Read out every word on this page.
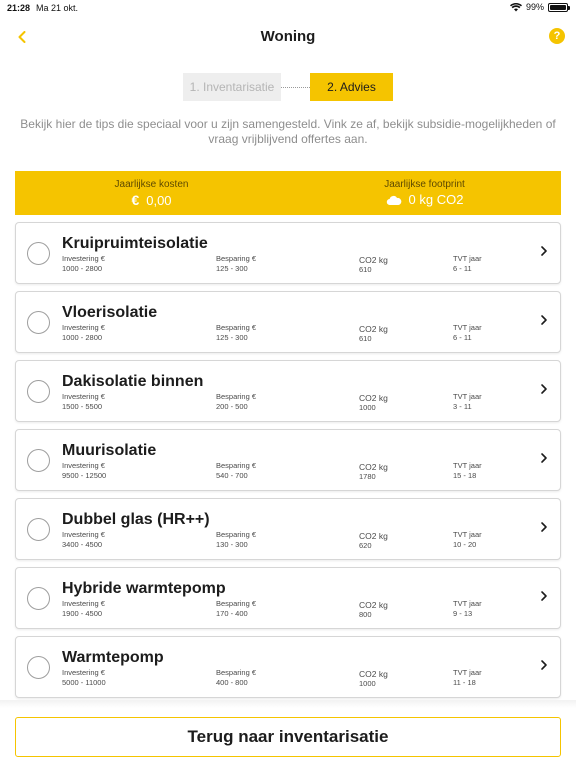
21:28 Ma 21 okt.	99%
Woning	?
1. Inventarisatie	2. Advies

Bekijk hier de tips die speciaal voor u zijn samengesteld. Vink ze af, bekijk subsidie-mogelijkheden of vraag vrijblijvend offertes aan.

Jaarlijkse kosten
€ 0,00
Jaarlijkse footprint
0 kg CO2
Kruipruimteisolatie
Investering €
1000 - 2800
Besparing €
125 - 300
CO2 kg
610
TVT jaar
6 - 11
Vloerisolatie
Investering €
1000 - 2800
Besparing €
125 - 300
CO2 kg
610
TVT jaar
6 - 11
Dakisolatie binnen
Investering €
1500 - 5500
Besparing €
200 - 500
CO2 kg
1000
TVT jaar
3 - 11
Muurisolatie
Investering €
9500 - 12500
Besparing €
540 - 700
CO2 kg
1780
TVT jaar
15 - 18
Dubbel glas (HR++)
Investering €
3400 - 4500
Besparing €
130 - 300
CO2 kg
620
TVT jaar
10 - 20
Hybride warmtepomp
Investering €
1900 - 4500
Besparing €
170 - 400
CO2 kg
800
TVT jaar
9 - 13
Warmtepomp
Investering €
5000 - 11000
Besparing €
400 - 800
CO2 kg
1000
TVT jaar
11 - 18
Terug naar inventarisatie
